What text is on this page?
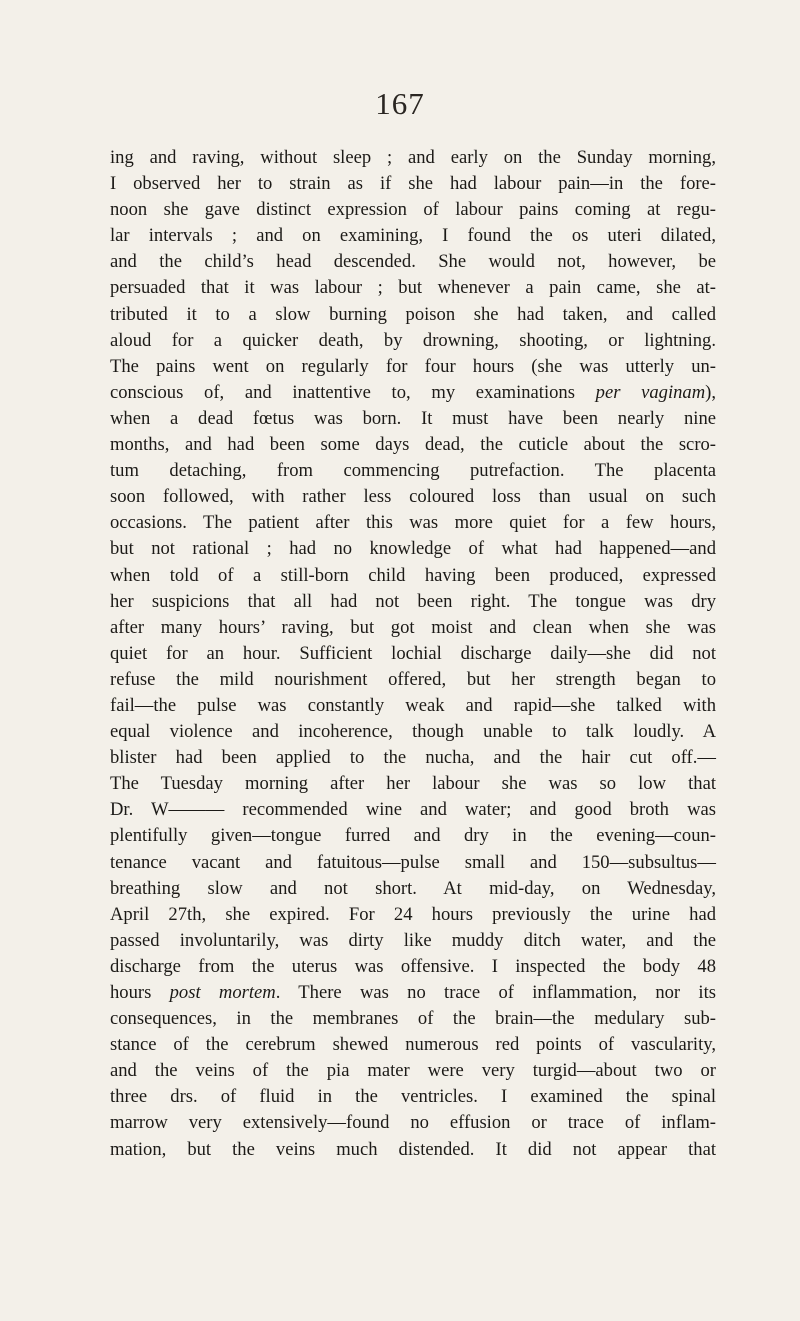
167
ing and raving, without sleep ; and early on the Sunday morning,
I observed her to strain as if she had labour pain—in the fore-
noon she gave distinct expression of labour pains coming at regu-
lar intervals ; and on examining, I found the os uteri dilated,
and the child’s head descended. She would not, however, be
persuaded that it was labour ; but whenever a pain came, she at-
tributed it to a slow burning poison she had taken, and called
aloud for a quicker death, by drowning, shooting, or lightning.
The pains went on regularly for four hours (she was utterly un-
conscious of, and inattentive to, my examinations per vaginam),
when a dead fœtus was born. It must have been nearly nine
months, and had been some days dead, the cuticle about the scro-
tum detaching, from commencing putrefaction. The placenta
soon followed, with rather less coloured loss than usual on such
occasions. The patient after this was more quiet for a few hours,
but not rational ; had no knowledge of what had happened—and
when told of a still-born child having been produced, expressed
her suspicions that all had not been right. The tongue was dry
after many hours’ raving, but got moist and clean when she was
quiet for an hour. Sufficient lochial discharge daily—she did not
refuse the mild nourishment offered, but her strength began to
fail—the pulse was constantly weak and rapid—she talked with
equal violence and incoherence, though unable to talk loudly. A
blister had been applied to the nucha, and the hair cut off.—
The Tuesday morning after her labour she was so low that
Dr. W——— recommended wine and water; and good broth was
plentifully given—tongue furred and dry in the evening—coun-
tenance vacant and fatuitous—pulse small and 150—subsultus—
breathing slow and not short. At mid-day, on Wednesday,
April 27th, she expired. For 24 hours previously the urine had
passed involuntarily, was dirty like muddy ditch water, and the
discharge from the uterus was offensive. I inspected the body 48
hours post mortem. There was no trace of inflammation, nor its
consequences, in the membranes of the brain—the medulary sub-
stance of the cerebrum shewed numerous red points of vascularity,
and the veins of the pia mater were very turgid—about two or
three drs. of fluid in the ventricles. I examined the spinal
marrow very extensively—found no effusion or trace of inflam-
mation, but the veins much distended. It did not appear that
